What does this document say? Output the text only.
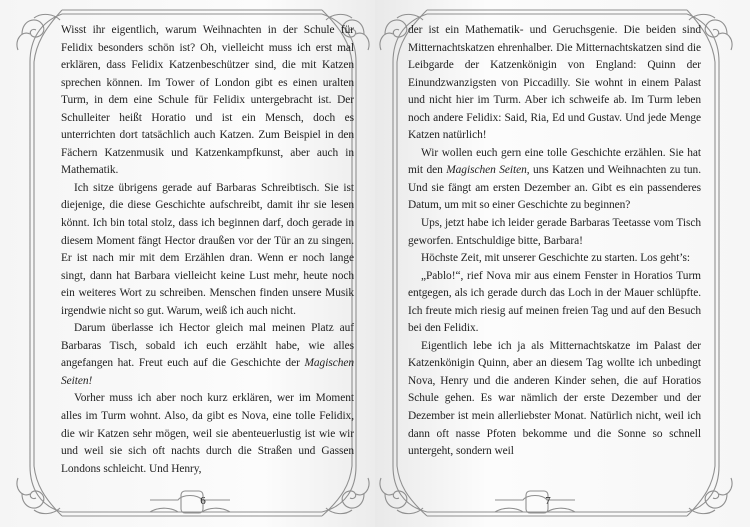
Wisst ihr eigentlich, warum Weihnachten in der Schule für Felidix besonders schön ist? Oh, vielleicht muss ich erst mal erklären, dass Felidix Katzenbeschützer sind, die mit Katzen sprechen können. Im Tower of London gibt es einen uralten Turm, in dem eine Schule für Felidix untergebracht ist. Der Schulleiter heißt Horatio und ist ein Mensch, doch es unterrichten dort tatsächlich auch Katzen. Zum Beispiel in den Fächern Katzenmusik und Katzenkampfkunst, aber auch in Mathematik.

Ich sitze übrigens gerade auf Barbaras Schreibtisch. Sie ist diejenige, die diese Geschichte aufschreibt, damit ihr sie lesen könnt. Ich bin total stolz, dass ich beginnen darf, doch gerade in diesem Moment fängt Hector draußen vor der Tür an zu singen. Er ist nach mir mit dem Erzählen dran. Wenn er noch lange singt, dann hat Barbara vielleicht keine Lust mehr, heute noch ein weiteres Wort zu schreiben. Menschen finden unsere Musik irgendwie nicht so gut. Warum, weiß ich auch nicht.

Darum überlasse ich Hector gleich mal meinen Platz auf Barbaras Tisch, sobald ich euch erzählt habe, wie alles angefangen hat. Freut euch auf die Geschichte der Magischen Seiten!

Vorher muss ich aber noch kurz erklären, wer im Moment alles im Turm wohnt. Also, da gibt es Nova, eine tolle Felidix, die wir Katzen sehr mögen, weil sie abenteuerlustig ist wie wir und weil sie sich oft nachts durch die Straßen und Gassen Londons schleicht. Und Henry,

6

der ist ein Mathematik- und Geruchsgenie. Die beiden sind Mitternachtskatzen ehrenhalber. Die Mitternachtskatzen sind die Leibgarde der Katzenkönigin von England: Quinn der Einundzwanzigsten von Piccadilly. Sie wohnt in einem Palast und nicht hier im Turm. Aber ich schweife ab. Im Turm leben noch andere Felidix: Said, Ria, Ed und Gustav. Und jede Menge Katzen natürlich!

Wir wollen euch gern eine tolle Geschichte erzählen. Sie hat mit den Magischen Seiten, uns Katzen und Weihnachten zu tun. Und sie fängt am ersten Dezember an. Gibt es ein passenderes Datum, um mit so einer Geschichte zu beginnen?

Ups, jetzt habe ich leider gerade Barbaras Teetasse vom Tisch geworfen. Entschuldige bitte, Barbara!

Höchste Zeit, mit unserer Geschichte zu starten. Los geht’s:

„Pablo!“, rief Nova mir aus einem Fenster in Horatios Turm entgegen, als ich gerade durch das Loch in der Mauer schlüpfte. Ich freute mich riesig auf meinen freien Tag und auf den Besuch bei den Felidix.

Eigentlich lebe ich ja als Mitternachtskatze im Palast der Katzenkönigin Quinn, aber an diesem Tag wollte ich unbedingt Nova, Henry und die anderen Kinder sehen, die auf Horatios Schule gehen. Es war nämlich der erste Dezember und der Dezember ist mein allerliebster Monat. Natürlich nicht, weil ich dann oft nasse Pfoten bekomme und die Sonne so schnell untergeht, sondern weil

7
